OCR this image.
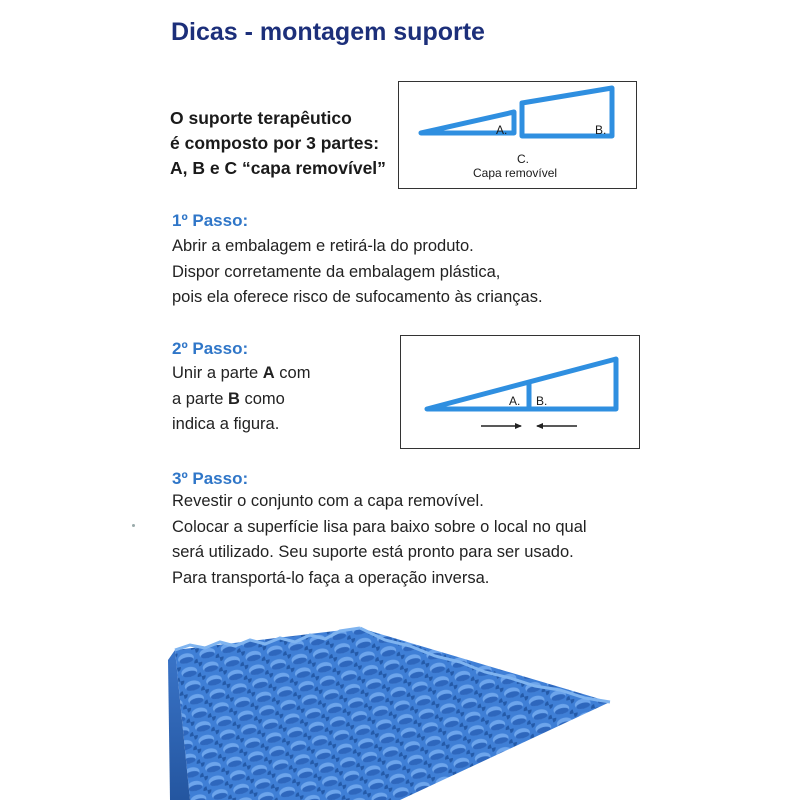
Dicas - montagem suporte
O suporte terapêutico
é composto por 3 partes:
A, B e C “capa removível”
A.	B.
C.
Capa removível
1º Passo:
Abrir a embalagem e retirá-la do produto.
Dispor corretamente da embalagem plástica,
pois ela oferece risco de sufocamento às crianças.
2º Passo:
Unir a parte A com
a parte B como
indica a figura.
A. B.
3º Passo:
Revestir o conjunto com a capa removível.
Colocar a superfície lisa para baixo sobre o local no qual
será utilizado. Seu suporte está pronto para ser usado.
Para transportá-lo faça a operação inversa.
